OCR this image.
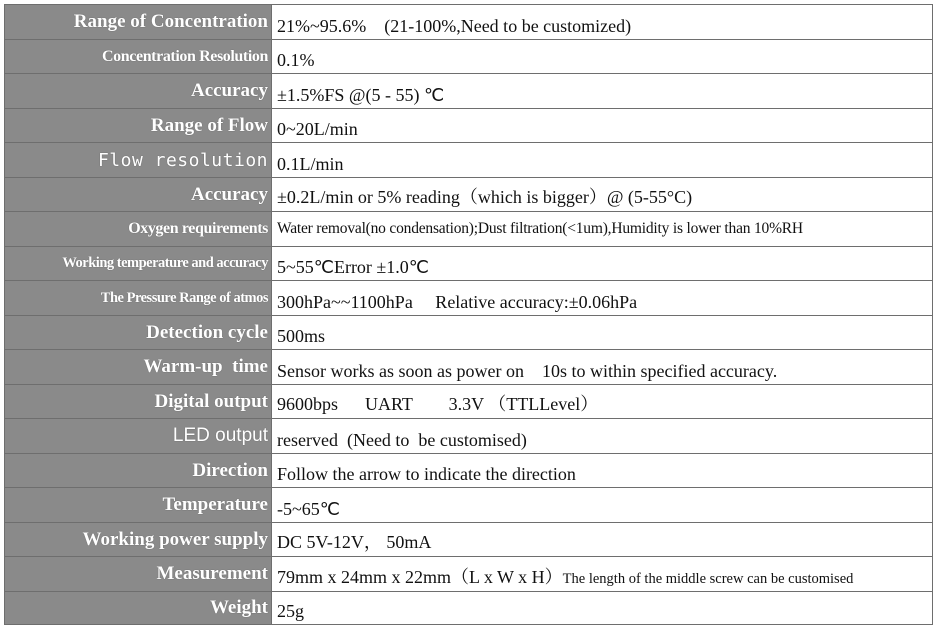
Range of Concentration	21%~95.6%    (21-100%,Need to be customized)
Concentration Resolution	0.1%
Accuracy	±1.5%FS @(5 - 55) ℃
Range of Flow	0~20L/min
Flow resolution	0.1L/min
Accuracy	±0.2L/min or 5% reading（which is bigger）@ (5-55°C)
Oxygen requirements	Water removal(no condensation);Dust filtration(<1um),Humidity is lower than 10%RH
Working temperature and accuracy	5~55℃Error ±1.0℃
The Pressure Range of atmos	300hPa~~1100hPa     Relative accuracy:±0.06hPa
Detection cycle	500ms
Warm-up  time	Sensor works as soon as power on    10s to within specified accuracy.
Digital output	9600bps      UART        3.3V （TTLLevel）
LED output	reserved  (Need to  be customised)
Direction	Follow the arrow to indicate the direction
Temperature	-5~65℃
Working power supply	DC 5V-12V， 50mA
Measurement	79mm x 24mm x 22mm（L x W x H）The length of the middle screw can be customised
Weight	25g
